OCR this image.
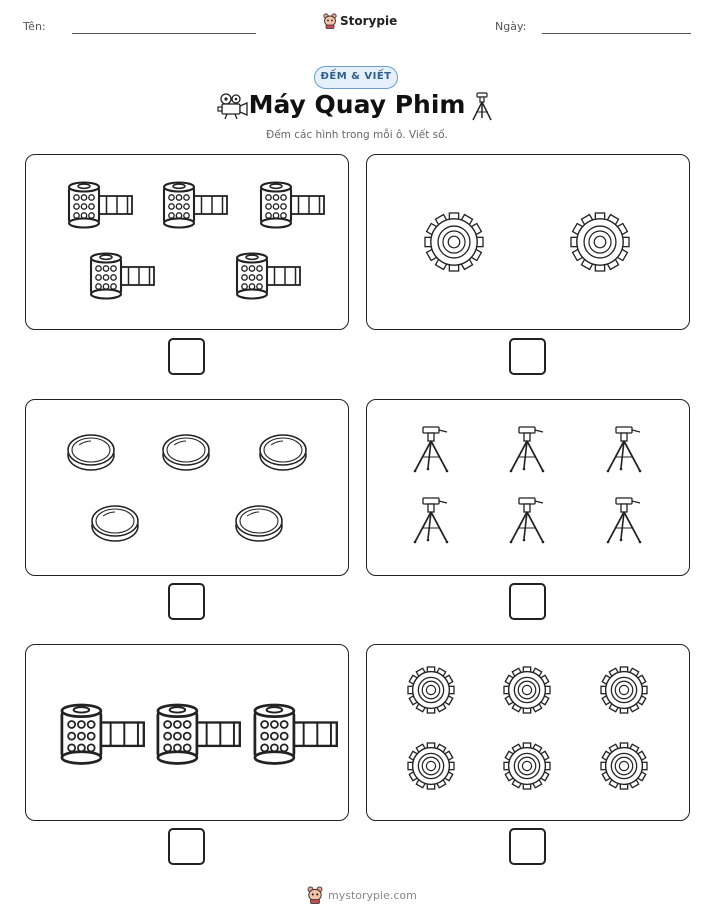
Tên:	Storypie	Ngày:
ĐẾM & VIẾT
Máy Quay Phim
Đếm các hình trong mỗi ô. Viết số.
mystorypie.com
